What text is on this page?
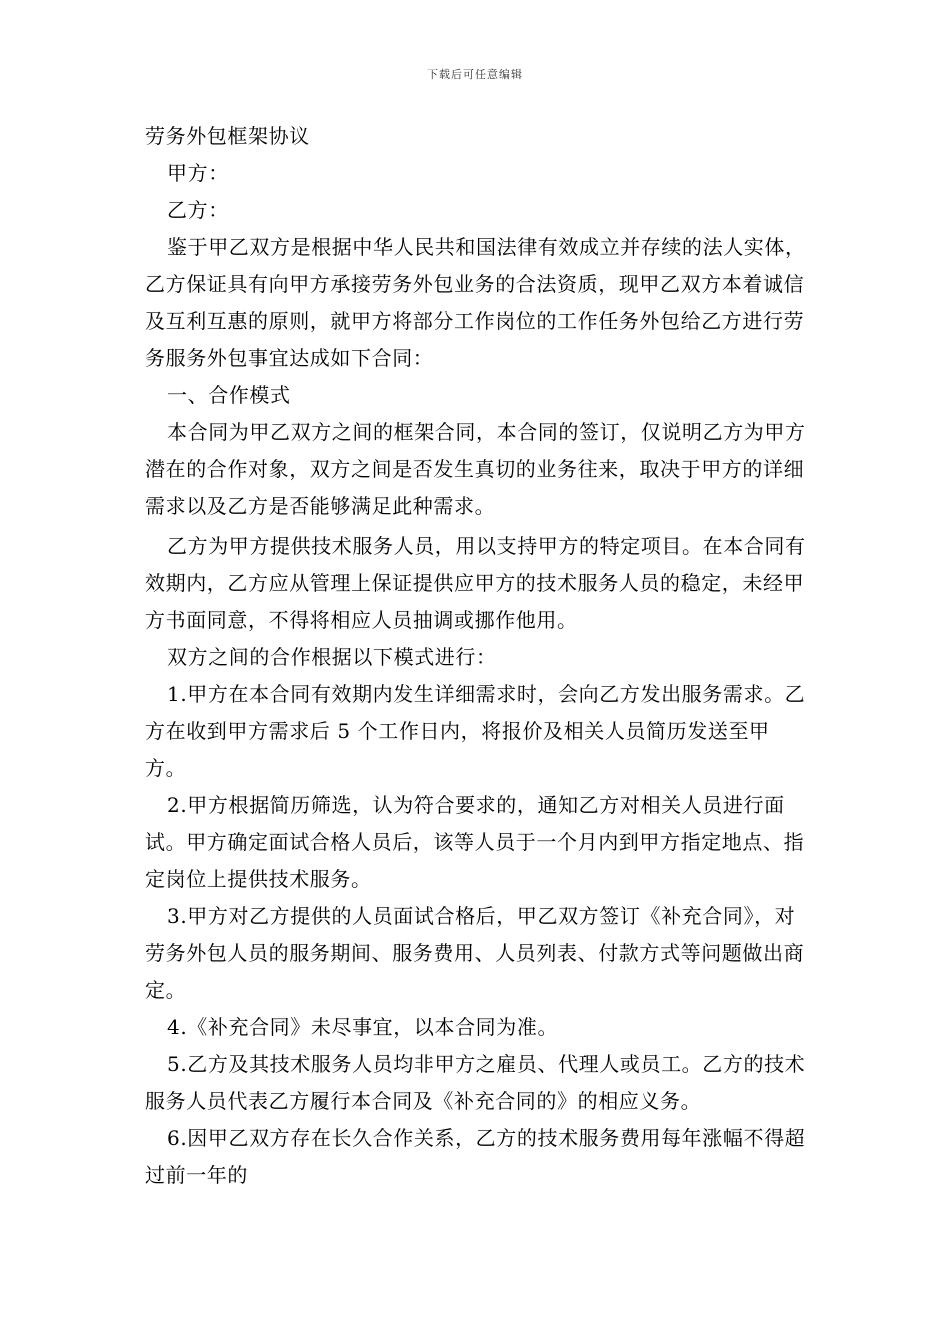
下载后可任意编辑

劳务外包框架协议

甲方：

乙方：

鉴于甲乙双方是根据中华人民共和国法律有效成立并存续的法人实体，乙方保证具有向甲方承接劳务外包业务的合法资质，现甲乙双方本着诚信及互利互惠的原则，就甲方将部分工作岗位的工作任务外包给乙方进行劳务服务外包事宜达成如下合同：

一、合作模式

本合同为甲乙双方之间的框架合同，本合同的签订，仅说明乙方为甲方潜在的合作对象，双方之间是否发生真切的业务往来，取决于甲方的详细需求以及乙方是否能够满足此种需求。

乙方为甲方提供技术服务人员，用以支持甲方的特定项目。在本合同有效期内，乙方应从管理上保证提供应甲方的技术服务人员的稳定，未经甲方书面同意，不得将相应人员抽调或挪作他用。

双方之间的合作根据以下模式进行：

1.甲方在本合同有效期内发生详细需求时，会向乙方发出服务需求。乙方在收到甲方需求后 5 个工作日内，将报价及相关人员简历发送至甲方。

2.甲方根据简历筛选，认为符合要求的，通知乙方对相关人员进行面试。甲方确定面试合格人员后，该等人员于一个月内到甲方指定地点、指定岗位上提供技术服务。

3.甲方对乙方提供的人员面试合格后，甲乙双方签订《补充合同》，对劳务外包人员的服务期间、服务费用、人员列表、付款方式等问题做出商定。

4.《补充合同》未尽事宜，以本合同为准。

5.乙方及其技术服务人员均非甲方之雇员、代理人或员工。乙方的技术服务人员代表乙方履行本合同及《补充合同的》的相应义务。

6.因甲乙双方存在长久合作关系，乙方的技术服务费用每年涨幅不得超过前一年的
